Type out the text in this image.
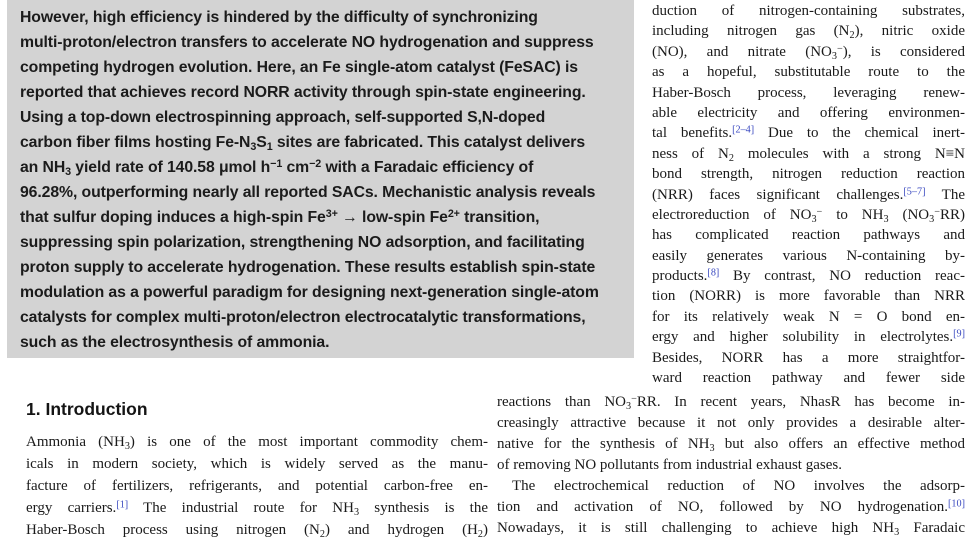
However, high efficiency is hindered by the difficulty of synchronizing
multi-proton/electron transfers to accelerate NO hydrogenation and suppress
competing hydrogen evolution. Here, an Fe single-atom catalyst (FeSAC) is
reported that achieves record NORR activity through spin-state engineering.
Using a top-down electrospinning approach, self-supported S,N-doped
carbon fiber films hosting $Fe-N_3S_1$ sites are fabricated. This catalyst delivers
an $NH_3$ yield rate of 140.58 μmol $h^{-1}$ $cm^{-2}$ with a Faradaic efficiency of
96.28%, outperforming nearly all reported SACs. Mechanistic analysis reveals
that sulfur doping induces a high-spin $Fe^{3+}$ → low-spin $Fe^{2+}$ transition,
suppressing spin polarization, strengthening NO adsorption, and facilitating
proton supply to accelerate hydrogenation. These results establish spin-state
modulation as a powerful paradigm for designing next-generation single-atom
catalysts for complex multi-proton/electron electrocatalytic transformations,
such as the electrosynthesis of ammonia.
duction of nitrogen-containing substrates,
including nitrogen gas $(N_2)$, nitric oxide
(NO), and nitrate $(NO_3^-)$, is considered
as a hopeful, substitutable route to the
Haber-Bosch process, leveraging renew-
able electricity and offering environmen-
tal benefits.[2–4] Due to the chemical inert-
ness of $N_2$ molecules with a strong N≡N
bond strength, nitrogen reduction reaction
(NRR) faces significant challenges.[5–7] The
electroreduction of $NO_3^-$ to $NH_3$ $(NO_3^-RR)$
has complicated reaction pathways and
easily generates various N-containing by-
products.[8] By contrast, NO reduction reac-
tion (NORR) is more favorable than NRR
for its relatively weak N = O bond en-
ergy and higher solubility in electrolytes.[9]
Besides, NORR has a more straightfor-
ward reaction pathway and fewer side
1. Introduction
Ammonia $(NH_3)$ is one of the most important commodity chem-
icals in modern society, which is widely served as the manu-
facture of fertilizers, refrigerants, and potential carbon-free en-
ergy carriers.[1] The industrial route for $NH_3$ synthesis is the
Haber-Bosch process using nitrogen $(N_2)$ and hydrogen $(H_2)$
reactions than $NO_3^-RR$. In recent years, NhasR has become in-
creasingly attractive because it not only provides a desirable alter-
native for the synthesis of $NH_3$ but also offers an effective method
of removing NO pollutants from industrial exhaust gases.
 The electrochemical reduction of NO involves the adsorp-
tion and activation of NO, followed by NO hydrogenation.[10]
Nowadays, it is still challenging to achieve high $NH_3$ Faradaic
